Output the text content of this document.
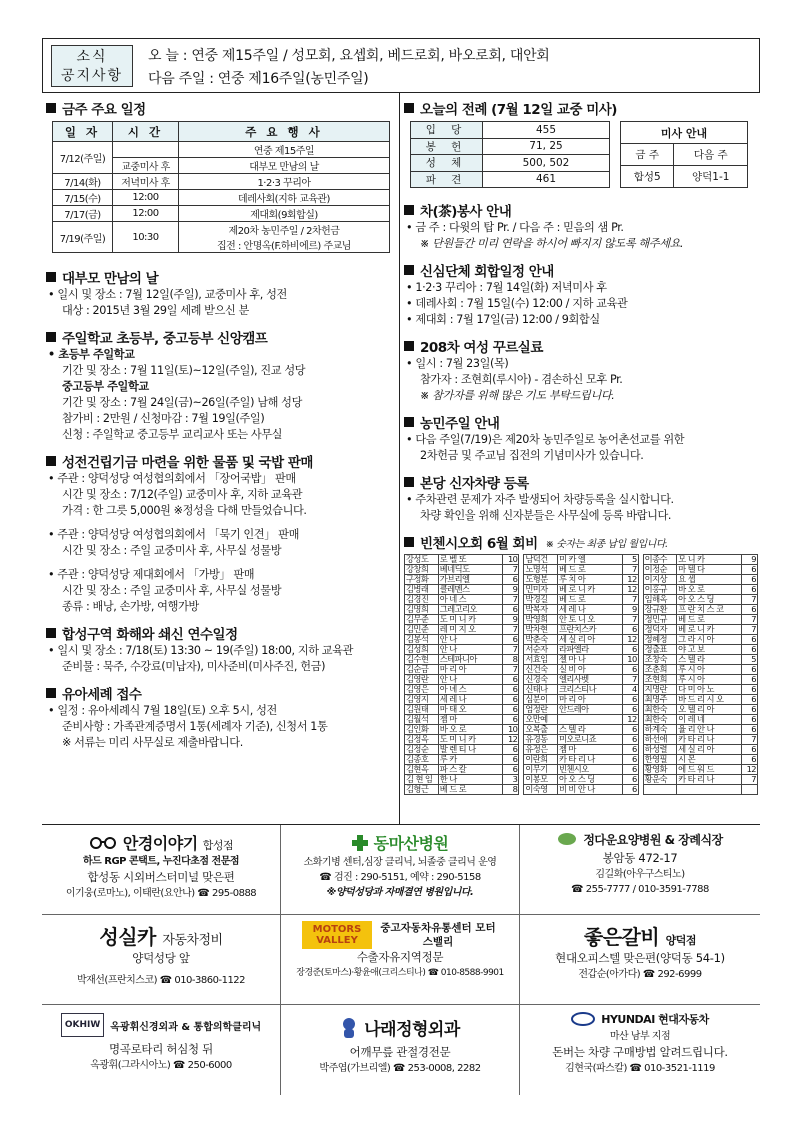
소식
공지사항
오 늘 : 연중 제15주일 / 성모회, 요셉회, 베드로회, 바오로회, 대안회
다음 주일 : 연중 제16주일(농민주일)
금주 주요 일정
일 자	시 간	주 요 행 사
7/12(주일)		연중 제15주일
	교중미사 후	대부모 만남의 날
7/14(화)	저녁미사 후	1·2·3 꾸리아
7/15(수)	12:00	데레사회(지하 교육관)
7/17(금)	12:00	제대회(9회합실)
7/19(주일)	10:30	제20차 농민주일 / 2차헌금
집전 : 안명옥(F.하비에르) 주교님
대부모 만남의 날
• 일시 및 장소 : 7월 12일(주일), 교중미사 후, 성전
대상 : 2015년 3월 29일 세례 받으신 분
주일학교 초등부, 중고등부 신앙캠프
• 초등부 주일학교
기간 및 장소 : 7월 11일(토)~12일(주일), 진교 성당
중고등부 주일학교
기간 및 장소 : 7월 24일(금)~26일(주일) 남해 성당
참가비 : 2만원 / 신청마감 : 7월 19일(주일)
신청 : 주일학교 중고등부 교리교사 또는 사무실
성전건립기금 마련을 위한 물품 및 국밥 판매
• 주관 : 양덕성당 여성협의회에서 「장어국밥」 판매
시간 및 장소 : 7/12(주일) 교중미사 후, 지하 교육관
가격 : 한 그릇 5,000원 ※정성을 다해 만들었습니다.
• 주관 : 양덕성당 여성협의회에서 「묵기 인견」 판매
시간 및 장소 : 주일 교중미사 후, 사무실 성물방
• 주관 : 양덕성당 제대회에서 「가방」 판매
시간 및 장소 : 주일 교중미사 후, 사무실 성물방
종류 : 배낭, 손가방, 여행가방
합성구역 화해와 쇄신 연수일정
• 일시 및 장소 : 7/18(토) 13:30 ~ 19(주일) 18:00, 지하 교육관
준비물 : 묵주, 수강료(미납자), 미사준비(미사주진, 헌금)
유아세례 접수
• 일정 : 유아세례식 7월 18일(토) 오후 5시, 성전
준비사항 : 가족관계증명서 1통(세례자 기준), 신청서 1통
※ 서류는 미리 사무실로 제출바랍니다.
오늘의 전례 (7월 12일 교중 미사)
입 당	455
봉 헌	71, 25
성 체	500, 502
파 견	461
미사 안내	
금 주	다음 주
합성5	양덕1-1
차(茶)봉사 안내
• 금 주 : 다윗의 탑 Pr. / 다음 주 : 믿음의 샘 Pr.
※ 단원들간 미리 연락을 하시어 빠지지 않도록 해주세요.
신심단체 회합일정 안내
• 1·2·3 꾸리아 : 7월 14일(화) 저녁미사 후
• 데레사회 : 7월 15일(수) 12:00 / 지하 교육관
• 제대회 : 7월 17일(금) 12:00 / 9회합실
208차 여성 꾸르실료
• 일시 : 7월 23일(목)
참가자 : 조현희(루시아) - 겸손하신 모후 Pr.
※ 참가자를 위해 많은 기도 부탁드립니다.
농민주일 안내
• 다음 주일(7/19)은 제20차 농민주일로 농어촌선교를 위한
2차헌금 및 주교님 집전의 기념미사가 있습니다.
본당 신자차량 등록
• 주차관련 문제가 자주 발생되어 차량등록을 실시합니다.
차량 확인을 위해 신자분들은 사무실에 등록 바랍니다.
빈첸시오회 6월 회비 ※ 숫자는 최종 납입 월입니다.
강성도	로 벨 또	10
강창희	베네딕도	7
구정화	가브리엘	6
김병래	클레멘스	9
김경진	아 네 스	7
김명희	그레고리오	6
김무준	도 미 니 카	9
김민준	레 미 지 오	7
김봉석	안 나	6
김성희	안 나	7
김수현	스테파니아	8
김순금	마 리 아	7
김영란	안 나	6
김영은	아 녜 스	6
김영지	세 레 나	6
김원태	마 태 오	6
김월석	젬 마	6
김인화	바 오 로	10
김정옥	도 미 니 카	12
김정순	발 렌 티 나	6
김종호	루 카	6
김현옥	파 스 칼	6
김 현 임	한 나	3
김형근	베 드 로	8
남덕건	미 카 엘	5
노명석	베 드 로	7
도형분	루 치 아	12
민미자	베 로 니 카	12
박경길	베 드 로	7
박복자	세 레 나	9
박영희	안 토 니 오	7
박차현	프란치스카	6
박춘숙	세 실 리 아	12
서순자	라파엘라	6
서효임	젤 마 나	10
신건숙	실 비 아	6
신경숙	엘리사벳	7
신태나	크리스티나	4
심분이	마 리 아	6
엄정란	안드레아	6
오만예		12
오복출	스 텔 라	6
유경동	미오로니죠	6
유정은	젬 마	6
이란희	카 타 리 나	6
이무기	빈첸시오	6
이봉모	아 오 스 딩	6
이숙영	비 비 안 나	6
이종수	모 니 카	9
이정순	마 텔 다	6
이지상	요 셉	6
이홍규	바 오 로	6
임해옥	아 오 스 딩	7
장규환	프 란 치 스 코	6
정민규	베 드 로	7
정덕자	베 로 니 카	7
정혜정	그 라 시 아	6
정출표	야 고 보	6
조창숙	스 텔 라	5
조춘희	루 시 아	6
조현희	루 시 아	6
지명란	다 미 아 노	6
최명주	바 드 리 시 오	6
최한숙	오 텔 리 아	6
최한숙	이 레 네	6
하계숙	율 리 안 나	6
하선애	카 타 리 나	7
하성렬	세 실 리 아	6
한영필	시 몬	6
황영화	에 드 워 드	12
황운숙	카 타 리 나	7

안경이야기 합성점
하드 RGP 콘택트, 누진다초점 전문점
합성동 시외버스터미널 맞은편
이기웅(로마노), 이태란(요안나) ☎ 295-0888
동마산병원
소화기병 센터,심장 클리닉, 뇌졸중 클리닉 운영
☎ 검진 : 290-5151, 예약 : 290-5158
※양덕성당과 자매결연 병원입니다.
정다운요양병원 & 장례식장
봉암동 472-17
김길화(아우구스티노)
☎ 255-7777 / 010-3591-7788
성실카 자동차정비
양덕성당 앞
박재선(프란치스코) ☎ 010-3860-1122
MOTORS VALLEY
중고자동차유통센터 모터스밸리
수출자유지역정문
장경준(토마스)·황윤애(크리스티나) ☎ 010-8588-9901
좋은갈비 양덕점
현대오피스텔 맞은편(양덕동 54-1)
전갑순(아가다) ☎ 292-6999
OKHIW	옥광휘신경외과 & 통합의학클리닉
명곡로타리 허심청 뒤
옥광휘(그라시아노) ☎ 250-6000
나래정형외과
어깨무릎 관절경전문
박주엽(가브리엘) ☎ 253-0008, 2282
HYUNDAI 현대자동차
마산 남부 지점
돈버는 차량 구매방법 알려드립니다.
김현국(파스칼) ☎ 010-3521-1119
